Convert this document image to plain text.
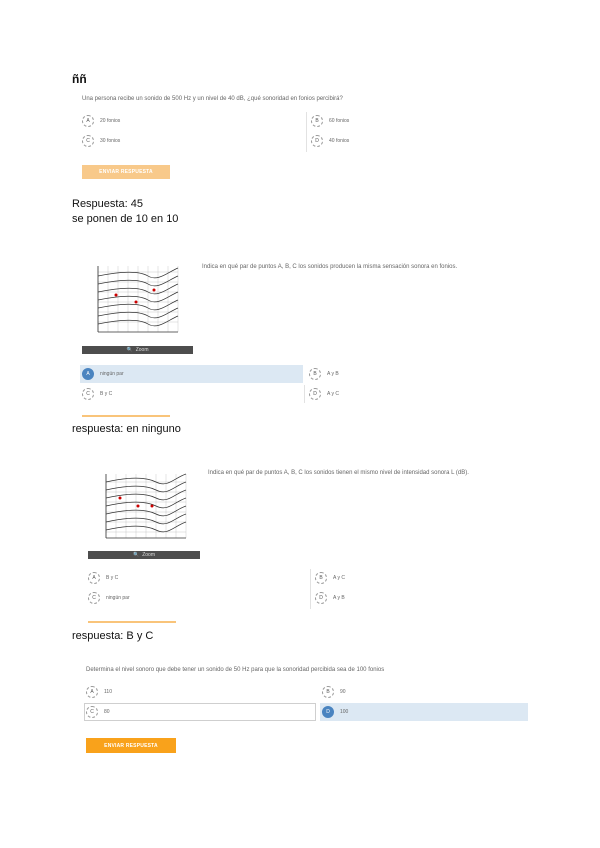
ññ
Una persona recibe un sonido de 500 Hz y un nivel de 40 dB, ¿qué sonoridad en fonios percibirá?
A	20 fonios	B	60 fonios
C	30 fonios	D	40 fonios
ENVIAR RESPUESTA
Respuesta: 45
se ponen de 10 en 10
Indica en qué par de puntos A, B, C los sonidos producen la misma sensación sonora en fonios.
🔍 Zoom
A	ningún par	B	A y B
C	B y C	D	A y C
respuesta: en ninguno
Indica en qué par de puntos A, B, C los sonidos tienen el mismo nivel de intensidad sonora L (dB).
🔍 Zoom
A	B y C	B	A y C
C	ningún par	D	A y B
respuesta: B y C
Determina el nivel sonoro que debe tener un sonido de 50 Hz para que la sonoridad percibida sea de 100 fonios
A	110	B	90
C	80	D	100
ENVIAR RESPUESTA
